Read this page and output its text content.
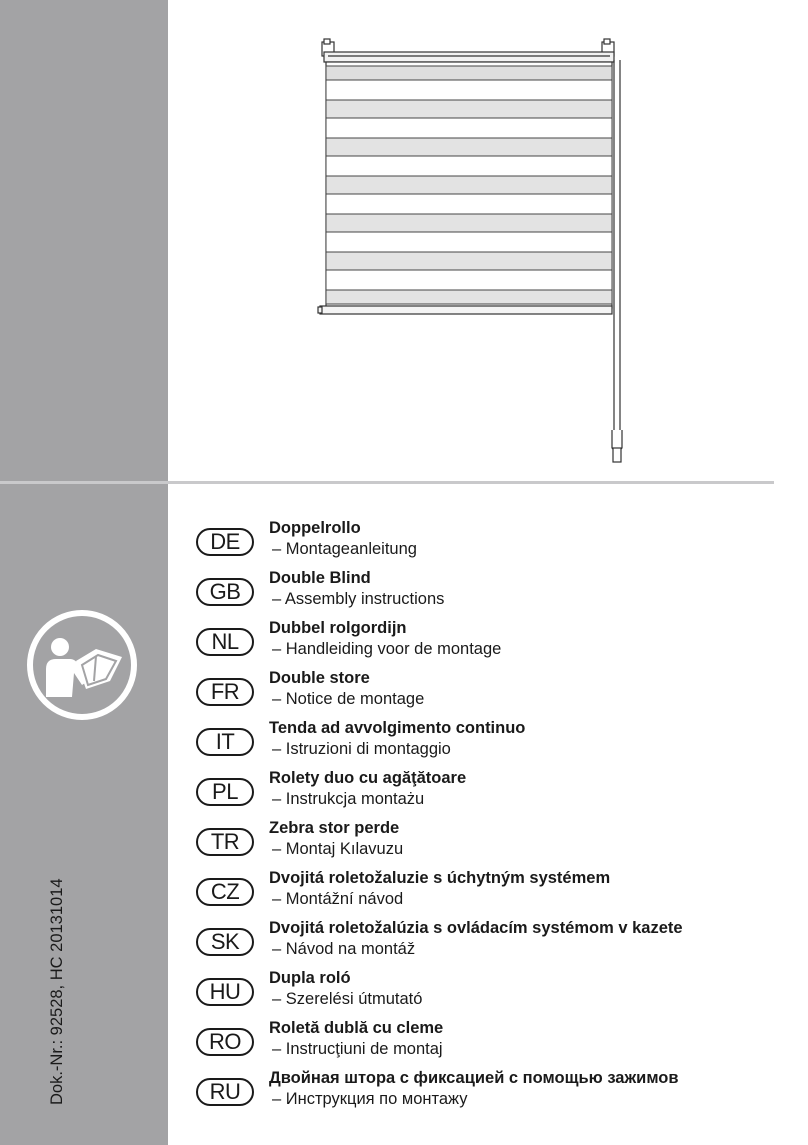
Dok.-Nr.: 92528, HC 20131014
DE
Doppelrollo
– Montageanleitung
GB
Double Blind
– Assembly instructions
NL
Dubbel rolgordijn
– Handleiding voor de montage
FR
Double store
– Notice de montage
IT
Tenda ad avvolgimento continuo
– Istruzioni di montaggio
PL
Rolety duo cu agăţătoare
– Instrukcja montażu
TR
Zebra stor perde
– Montaj Kılavuzu
CZ
Dvojitá roletožaluzie s úchytným systémem
– Montážní návod
SK
Dvojitá roletožalúzia s ovládacím systémom v kazete
– Návod na montáž
HU
Dupla roló
– Szerelési útmutató
RO
Roletă dublă cu cleme
– Instrucţiuni de montaj
RU
Двойная штора с фиксацией с помощью зажимов
– Инструкция по монтажу
